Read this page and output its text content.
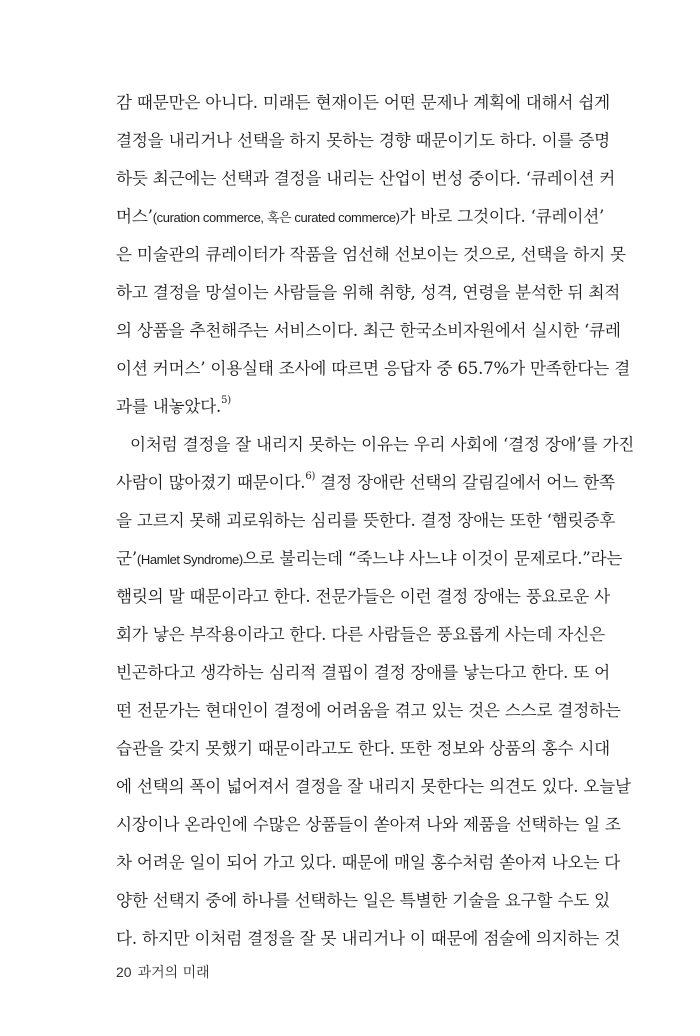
감 때문만은 아니다. 미래든 현재이든 어떤 문제나 계획에 대해서 쉽게
결정을 내리거나 선택을 하지 못하는 경향 때문이기도 하다. 이를 증명
하듯 최근에는 선택과 결정을 내리는 산업이 번성 중이다. ‘큐레이션 커
머스’(curation commerce, 혹은 curated commerce)가 바로 그것이다. ‘큐레이션’
은 미술관의 큐레이터가 작품을 엄선해 선보이는 것으로, 선택을 하지 못
하고 결정을 망설이는 사람들을 위해 취향, 성격, 연령을 분석한 뒤 최적
의 상품을 추천해주는 서비스이다. 최근 한국소비자원에서 실시한 ‘큐레
이션 커머스’ 이용실태 조사에 따르면 응답자 중 65.7%가 만족한다는 결
과를 내놓았다.$^{5)}$
이처럼 결정을 잘 내리지 못하는 이유는 우리 사회에 ‘결정 장애’를 가진
사람이 많아졌기 때문이다.$^{6)}$ 결정 장애란 선택의 갈림길에서 어느 한쪽
을 고르지 못해 괴로워하는 심리를 뜻한다. 결정 장애는 또한 ‘햄릿증후
군’(Hamlet Syndrome)으로 불리는데 “죽느냐 사느냐 이것이 문제로다.”라는
햄릿의 말 때문이라고 한다. 전문가들은 이런 결정 장애는 풍요로운 사
회가 낳은 부작용이라고 한다. 다른 사람들은 풍요롭게 사는데 자신은
빈곤하다고 생각하는 심리적 결핍이 결정 장애를 낳는다고 한다. 또 어
떤 전문가는 현대인이 결정에 어려움을 겪고 있는 것은 스스로 결정하는
습관을 갖지 못했기 때문이라고도 한다. 또한 정보와 상품의 홍수 시대
에 선택의 폭이 넓어져서 결정을 잘 내리지 못한다는 의견도 있다. 오늘날
시장이나 온라인에 수많은 상품들이 쏟아져 나와 제품을 선택하는 일 조
차 어려운 일이 되어 가고 있다. 때문에 매일 홍수처럼 쏟아져 나오는 다
양한 선택지 중에 하나를 선택하는 일은 특별한 기술을 요구할 수도 있
다. 하지만 이처럼 결정을 잘 못 내리거나 이 때문에 점술에 의지하는 것
20 과거의 미래
